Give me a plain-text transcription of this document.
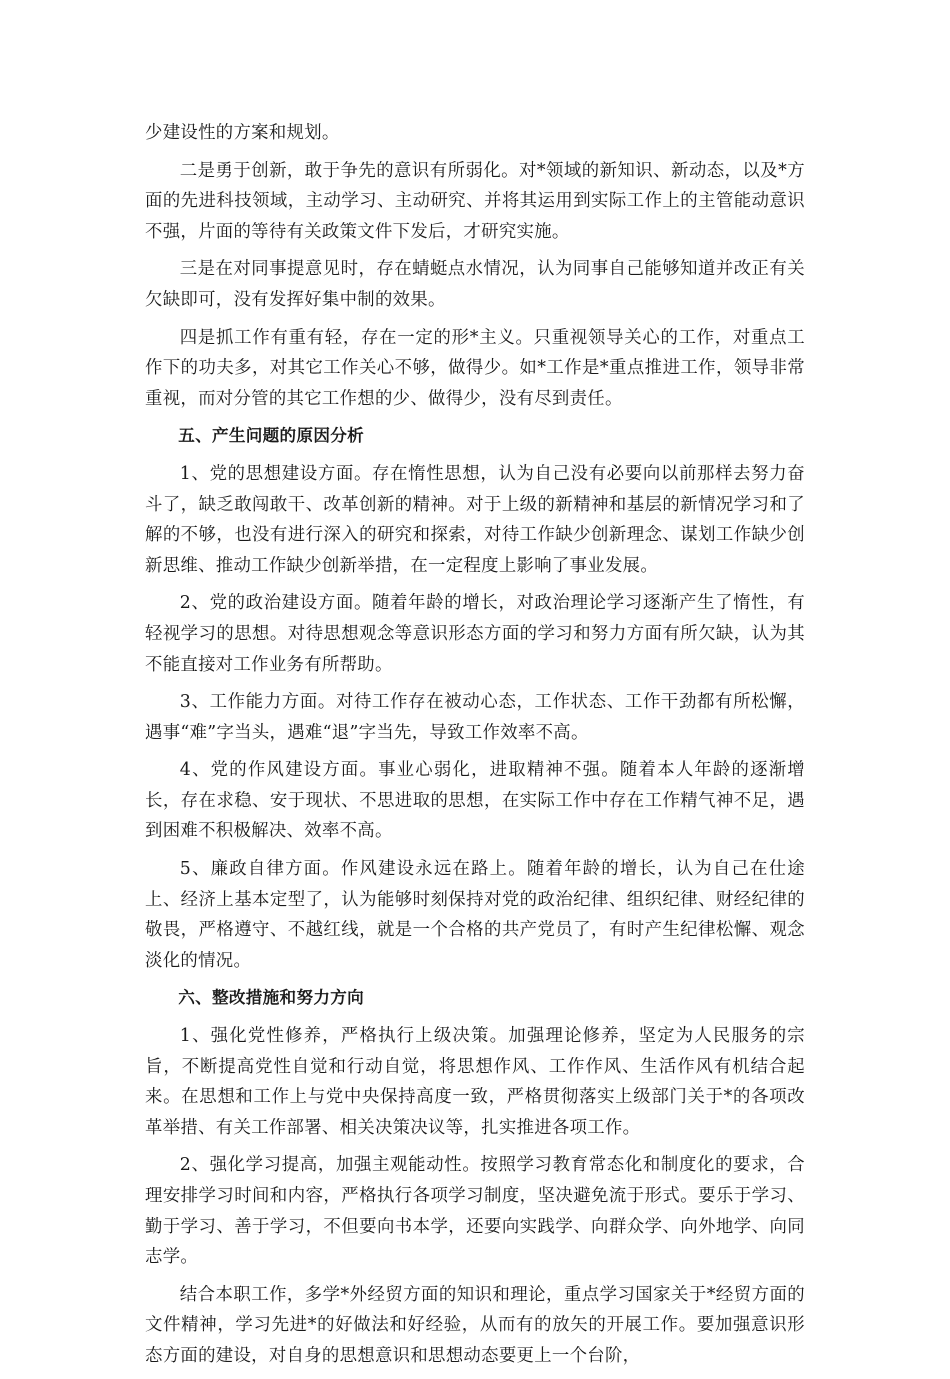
少建设性的方案和规划。

二是勇于创新，敢于争先的意识有所弱化。对*领域的新知识、新动态，以及*方面的先进科技领域，主动学习、主动研究、并将其运用到实际工作上的主管能动意识不强，片面的等待有关政策文件下发后，才研究实施。

三是在对同事提意见时，存在蜻蜓点水情况，认为同事自己能够知道并改正有关欠缺即可，没有发挥好集中制的效果。

四是抓工作有重有轻，存在一定的形*主义。只重视领导关心的工作，对重点工作下的功夫多，对其它工作关心不够，做得少。如*工作是*重点推进工作，领导非常重视，而对分管的其它工作想的少、做得少，没有尽到责任。

五、产生问题的原因分析

1、党的思想建设方面。存在惰性思想，认为自己没有必要向以前那样去努力奋斗了，缺乏敢闯敢干、改革创新的精神。对于上级的新精神和基层的新情况学习和了解的不够，也没有进行深入的研究和探索，对待工作缺少创新理念、谋划工作缺少创新思维、推动工作缺少创新举措，在一定程度上影响了事业发展。

2、党的政治建设方面。随着年龄的增长，对政治理论学习逐渐产生了惰性，有轻视学习的思想。对待思想观念等意识形态方面的学习和努力方面有所欠缺，认为其不能直接对工作业务有所帮助。

3、工作能力方面。对待工作存在被动心态，工作状态、工作干劲都有所松懈，遇事“难”字当头，遇难“退”字当先，导致工作效率不高。

4、党的作风建设方面。事业心弱化，进取精神不强。随着本人年龄的逐渐增长，存在求稳、安于现状、不思进取的思想，在实际工作中存在工作精气神不足，遇到困难不积极解决、效率不高。

5、廉政自律方面。作风建设永远在路上。随着年龄的增长，认为自己在仕途上、经济上基本定型了，认为能够时刻保持对党的政治纪律、组织纪律、财经纪律的敬畏，严格遵守、不越红线，就是一个合格的共产党员了，有时产生纪律松懈、观念淡化的情况。

六、整改措施和努力方向

1、强化党性修养，严格执行上级决策。加强理论修养，坚定为人民服务的宗旨，不断提高党性自觉和行动自觉，将思想作风、工作作风、生活作风有机结合起来。在思想和工作上与党中央保持高度一致，严格贯彻落实上级部门关于*的各项改革举措、有关工作部署、相关决策决议等，扎实推进各项工作。

2、强化学习提高，加强主观能动性。按照学习教育常态化和制度化的要求，合理安排学习时间和内容，严格执行各项学习制度，坚决避免流于形式。要乐于学习、勤于学习、善于学习，不但要向书本学，还要向实践学、向群众学、向外地学、向同志学。

结合本职工作，多学*外经贸方面的知识和理论，重点学习国家关于*经贸方面的文件精神，学习先进*的好做法和好经验，从而有的放矢的开展工作。要加强意识形态方面的建设，对自身的思想意识和思想动态要更上一个台阶，
